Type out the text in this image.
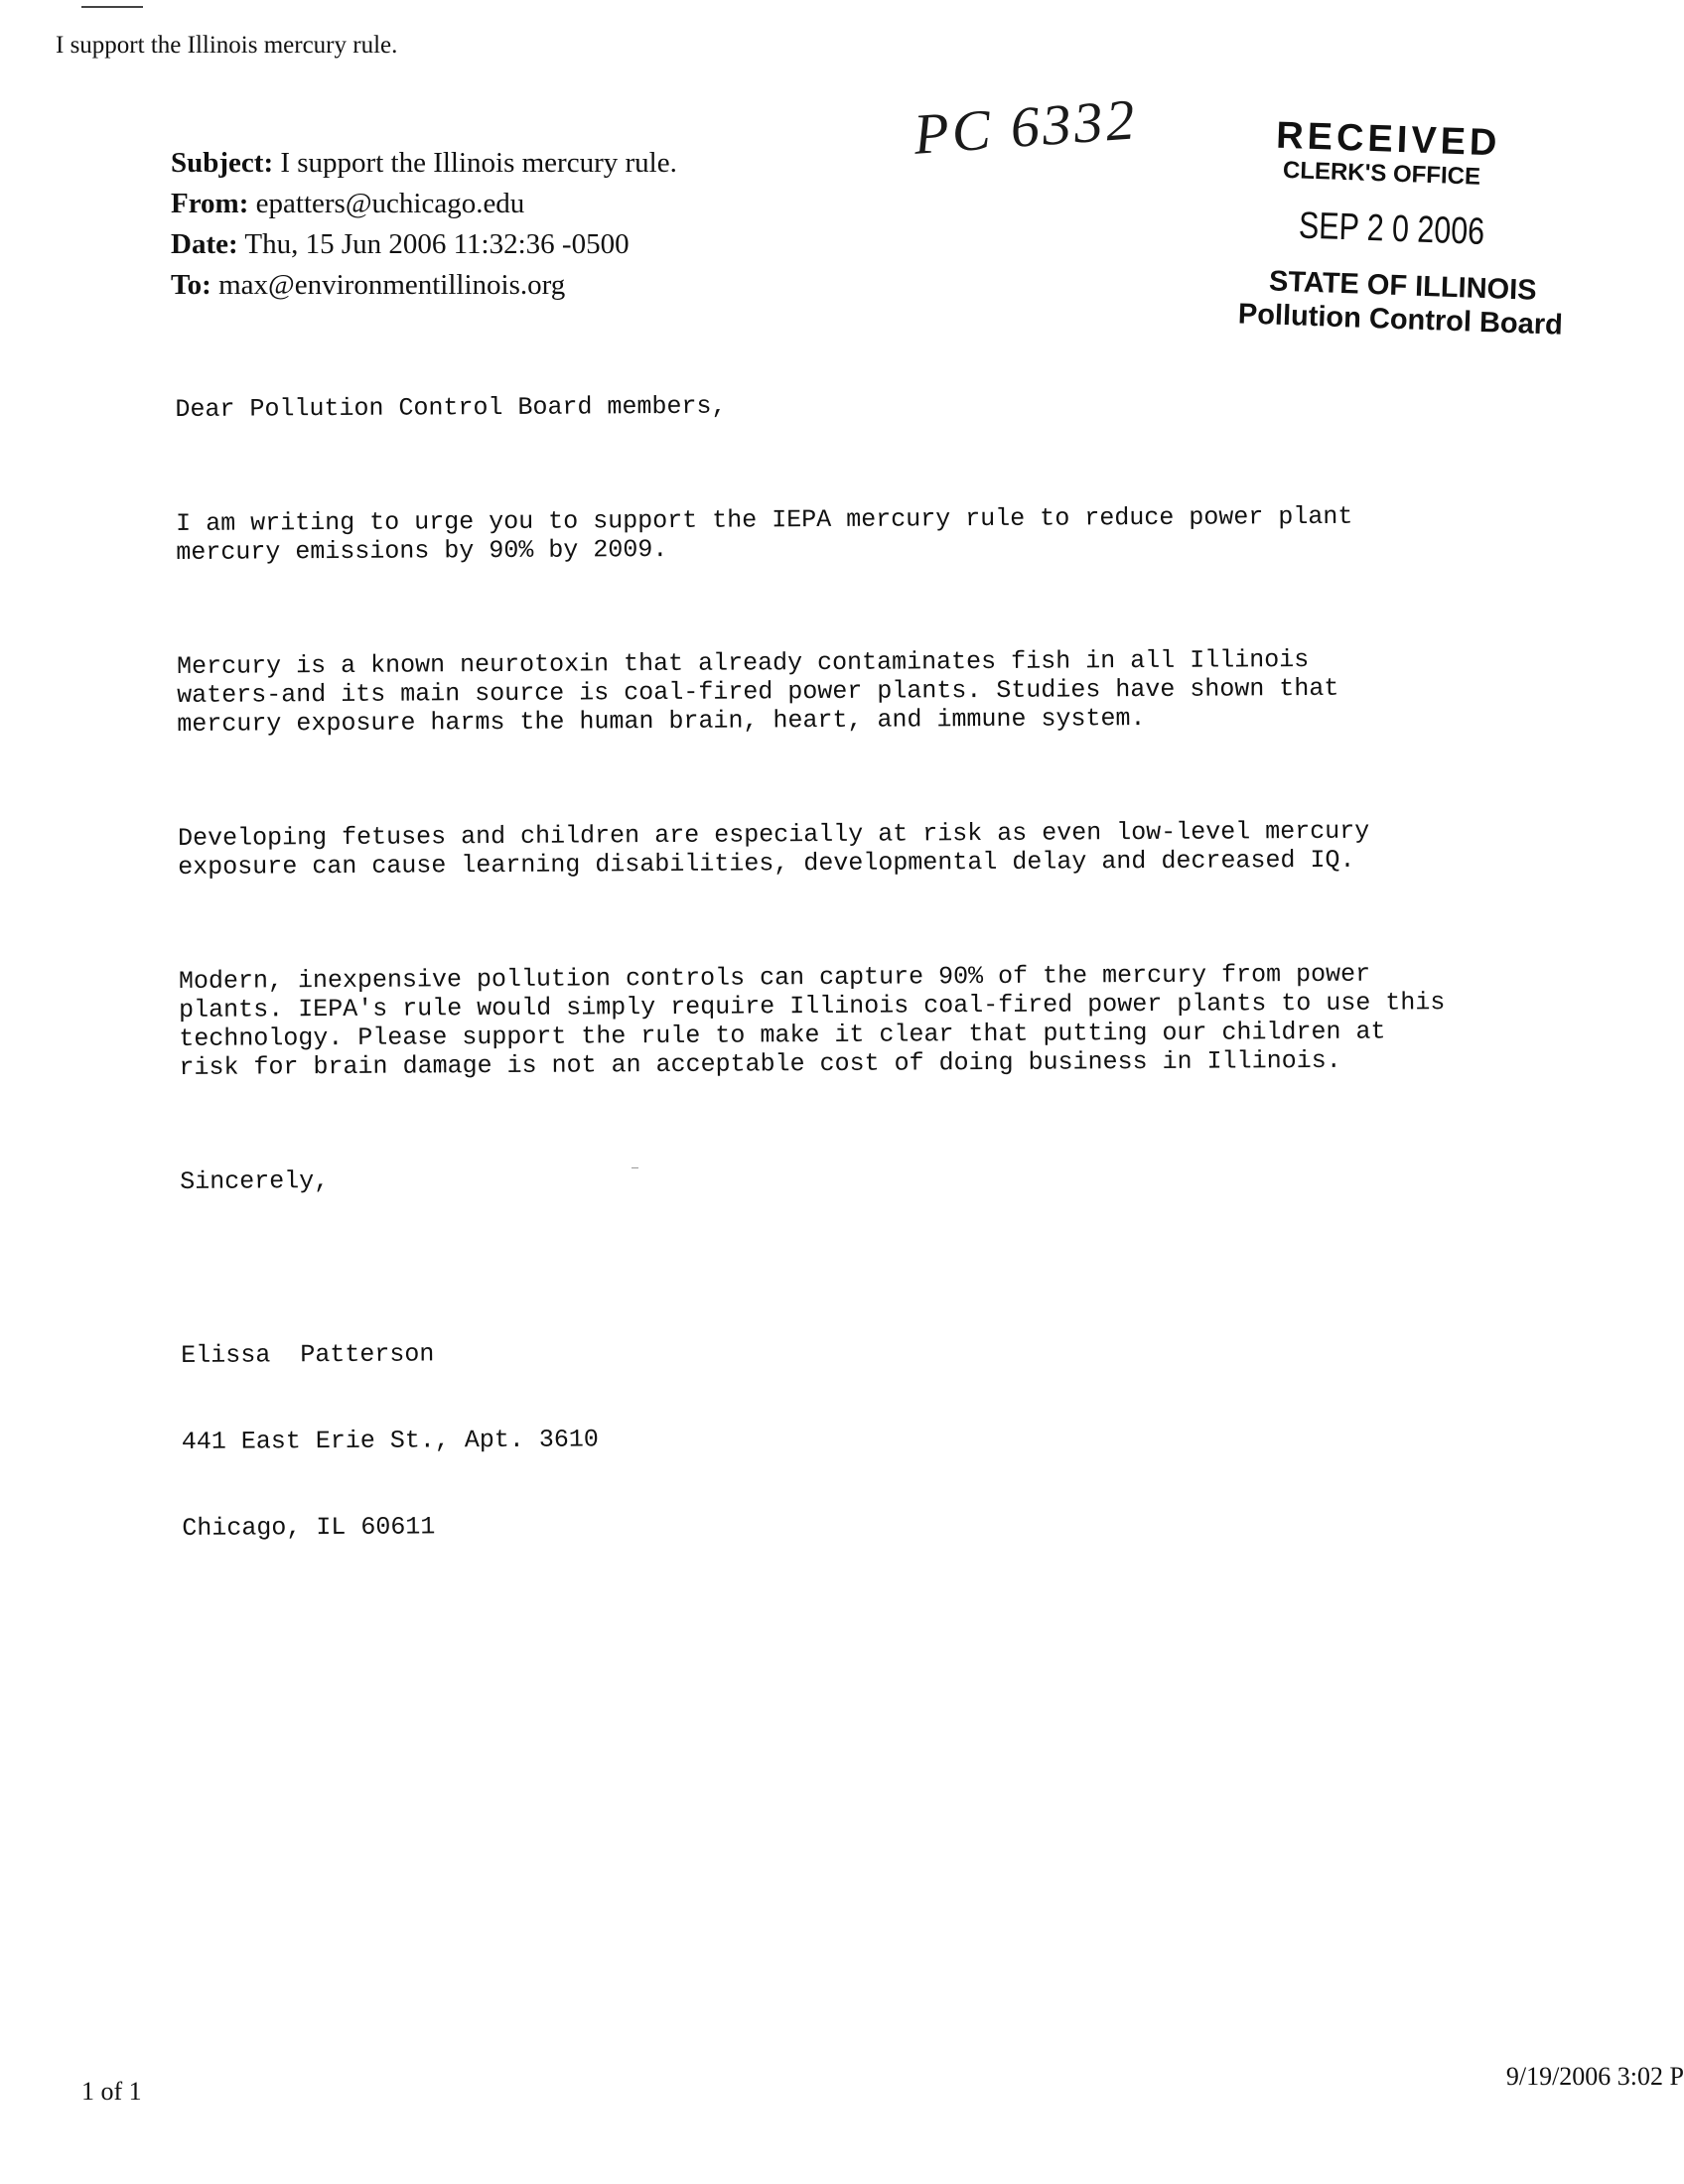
I support the Illinois mercury rule.
Subject: I support the Illinois mercury rule.
From: epatters@uchicago.edu
Date: Thu, 15 Jun 2006 11:32:36 -0500
To: max@environmentillinois.org
PC 6332	RECEIVED
CLERK'S OFFICE
SEP 2 0 2006
STATE OF ILLINOIS
Pollution Control Board

Dear Pollution Control Board members,

I am writing to urge you to support the IEPA mercury rule to reduce power plant
mercury emissions by 90% by 2009.

Mercury is a known neurotoxin that already contaminates fish in all Illinois
waters-and its main source is coal-fired power plants. Studies have shown that
mercury exposure harms the human brain, heart, and immune system.

Developing fetuses and children are especially at risk as even low-level mercury
exposure can cause learning disabilities, developmental delay and decreased IQ.

Modern, inexpensive pollution controls can capture 90% of the mercury from power
plants. IEPA's rule would simply require Illinois coal-fired power plants to use this
technology. Please support the rule to make it clear that putting our children at
risk for brain damage is not an acceptable cost of doing business in Illinois.

Sincerely,

Elissa  Patterson

441 East Erie St., Apt. 3610

Chicago, IL 60611

1 of 1
9/19/2006 3:02 P
